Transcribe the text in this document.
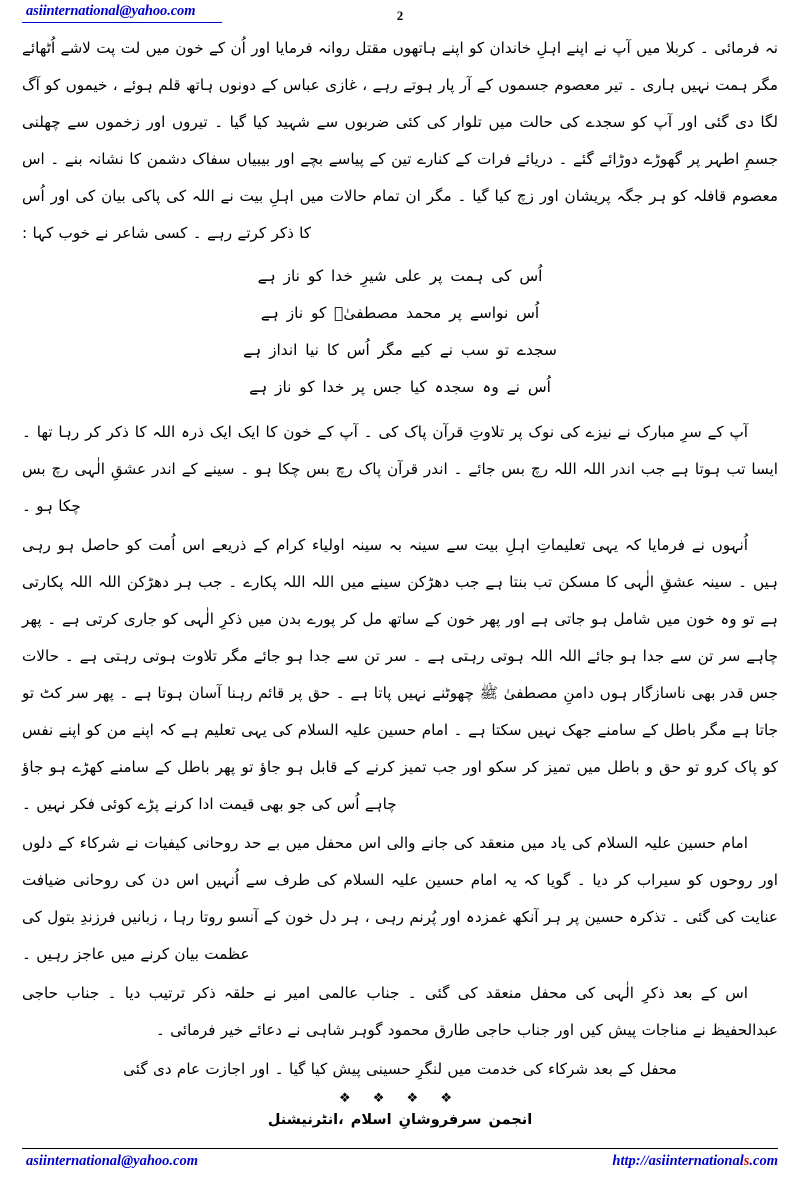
asiinternational@yahoo.com	2

نہ فرمائی ۔ کربلا میں آپ نے اپنے اہلِ خاندان کو اپنے ہاتھوں مقتل روانہ فرمایا اور اُن کے خون میں لت پت لاشے اُٹھائے مگر ہمت نہیں ہاری ۔ تیر معصوم جسموں کے آر پار ہوتے رہے ، غازی عباس کے دونوں ہاتھ قلم ہوئے ، خیموں کو آگ لگا دی گئی اور آپ کو سجدے کی حالت میں تلوار کی کئی ضربوں سے شہید کیا گیا ۔ تیروں اور زخموں سے چھلنی جسمِ اطہر پر گھوڑے دوڑائے گئے ۔ دریائے فرات کے کنارے تین کے پیاسے بچے اور بیبیاں سفاک دشمن کا نشانہ بنے ۔ اس معصوم قافلہ کو ہر جگہ پریشان اور زچ کیا گیا ۔ مگر ان تمام حالات میں اہلِ بیت نے اللہ کی پاکی بیان کی اور اُس کا ذکر کرتے رہے ۔ کسی شاعر نے خوب کہا :

اُس کی ہمت پر علی شیرِ خدا کو ناز ہے
اُس نواسے پر محمد مصطفیٰؐ کو ناز ہے
سجدے تو سب نے کیے مگر اُس کا نیا انداز ہے
اُس نے وہ سجدہ کیا جس پر خدا کو ناز ہے

آپ کے سرِ مبارک نے نیزے کی نوک پر تلاوتِ قرآن پاک کی ۔ آپ کے خون کا ایک ایک ذرہ اللہ کا ذکر کر رہا تھا ۔ ایسا تب ہوتا ہے جب اندر اللہ اللہ رچ بس جائے ۔ اندر قرآن پاک رچ بس چکا ہو ۔ سینے کے اندر عشقِ الٰہی رچ بس چکا ہو ۔

اُنہوں نے فرمایا کہ یہی تعلیماتِ اہلِ بیت سے سینہ بہ سینہ اولیاء کرام کے ذریعے اس اُمت کو حاصل ہو رہی ہیں ۔ سینہ عشقِ الٰہی کا مسکن تب بنتا ہے جب دھڑکن سینے میں اللہ اللہ پکارے ۔ جب ہر دھڑکن اللہ اللہ پکارتی ہے تو وہ خون میں شامل ہو جاتی ہے اور پھر خون کے ساتھ مل کر پورے بدن میں ذکرِ الٰہی کو جاری کرتی ہے ۔ پھر چاہے سر تن سے جدا ہو جائے اللہ اللہ ہوتی رہتی ہے ۔ سر تن سے جدا ہو جائے مگر تلاوت ہوتی رہتی ہے ۔ حالات جس قدر بھی ناسازگار ہوں دامنِ مصطفیٰ ﷺ چھوٹنے نہیں پاتا ہے ۔ حق پر قائم رہنا آسان ہوتا ہے ۔ پھر سر کٹ تو جاتا ہے مگر باطل کے سامنے جھک نہیں سکتا ہے ۔ امام حسین علیہ السلام کی یہی تعلیم ہے کہ اپنے من کو اپنے نفس کو پاک کرو تو حق و باطل میں تمیز کر سکو اور جب تمیز کرنے کے قابل ہو جاؤ تو پھر باطل کے سامنے کھڑے ہو جاؤ چاہے اُس کی جو بھی قیمت ادا کرنے پڑے کوئی فکر نہیں ۔

امام حسین علیہ السلام کی یاد میں منعقد کی جانے والی اس محفل میں بے حد روحانی کیفیات نے شرکاء کے دلوں اور روحوں کو سیراب کر دیا ۔ گویا کہ یہ امام حسین علیہ السلام کی طرف سے اُنہیں اس دن کی روحانی ضیافت عنایت کی گئی ۔ تذکرہ حسین پر ہر آنکھ غمزدہ اور پُرنم رہی ، ہر دل خون کے آنسو روتا رہا ، زبانیں فرزندِ بتول کی عظمت بیان کرنے میں عاجز رہیں ۔

اس کے بعد ذکرِ الٰہی کی محفل منعقد کی گئی ۔ جناب عالمی امیر نے حلقہ ذکر ترتیب دیا ۔ جناب حاجی عبدالحفیظ نے مناجات پیش کیں اور جناب حاجی طارق محمود گوہر شاہی نے دعائے خیر فرمائی ۔

محفل کے بعد شرکاء کی خدمت میں لنگرِ حسینی پیش کیا گیا ۔ اور اجازت عام دی گئی

❖ ❖ ❖ ❖
انجمن سرفروشانِ اسلام ،انٹرنیشنل
asiinternational@yahoo.com	http://asiinternationals.com
